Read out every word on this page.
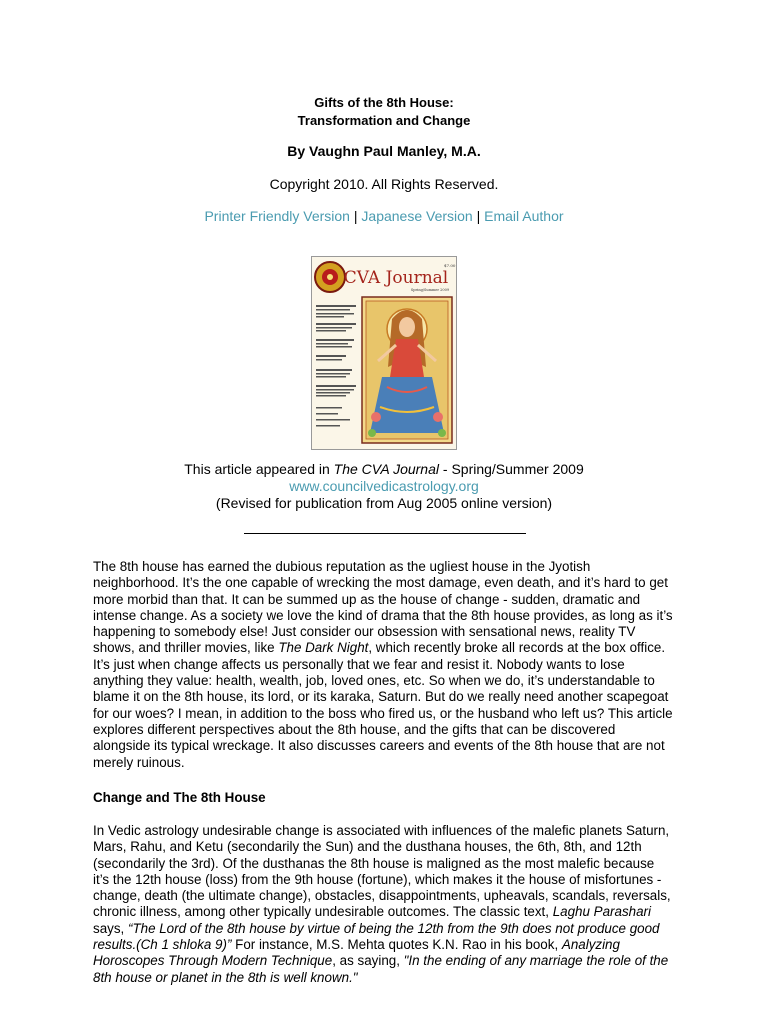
Gifts of the 8th House:
Transformation and Change
By Vaughn Paul Manley, M.A.
Copyright 2010. All Rights Reserved.
Printer Friendly Version | Japanese Version | Email Author
CVA Journal
$7.00
Spring/Summer 2009
This article appeared in The CVA Journal - Spring/Summer 2009
www.councilvedicastrology.org
(Revised for publication from Aug 2005 online version)
The 8th house has earned the dubious reputation as the ugliest house in the Jyotish neighborhood. It’s the one capable of wrecking the most damage, even death, and it’s hard to get more morbid than that. It can be summed up as the house of change - sudden, dramatic and intense change. As a society we love the kind of drama that the 8th house provides, as long as it’s happening to somebody else! Just consider our obsession with sensational news, reality TV shows, and thriller movies, like The Dark Night, which recently broke all records at the box office. It’s just when change affects us personally that we fear and resist it. Nobody wants to lose anything they value: health, wealth, job, loved ones, etc. So when we do, it’s understandable to blame it on the 8th house, its lord, or its karaka, Saturn. But do we really need another scapegoat for our woes? I mean, in addition to the boss who fired us, or the husband who left us? This article explores different perspectives about the 8th house, and the gifts that can be discovered alongside its typical wreckage. It also discusses careers and events of the 8th house that are not merely ruinous.
Change and The 8th House
In Vedic astrology undesirable change is associated with influences of the malefic planets Saturn, Mars, Rahu, and Ketu (secondarily the Sun) and the dusthana houses, the 6th, 8th, and 12th (secondarily the 3rd). Of the dusthanas the 8th house is maligned as the most malefic because it’s the 12th house (loss) from the 9th house (fortune), which makes it the house of misfortunes - change, death (the ultimate change), obstacles, disappointments, upheavals, scandals, reversals, chronic illness, among other typically undesirable outcomes. The classic text, Laghu Parashari says, “The Lord of the 8th house by virtue of being the 12th from the 9th does not produce good results.(Ch 1 shloka 9)” For instance, M.S. Mehta quotes K.N. Rao in his book, Analyzing Horoscopes Through Modern Technique, as saying, "In the ending of any marriage the role of the 8th house or planet in the 8th is well known."
